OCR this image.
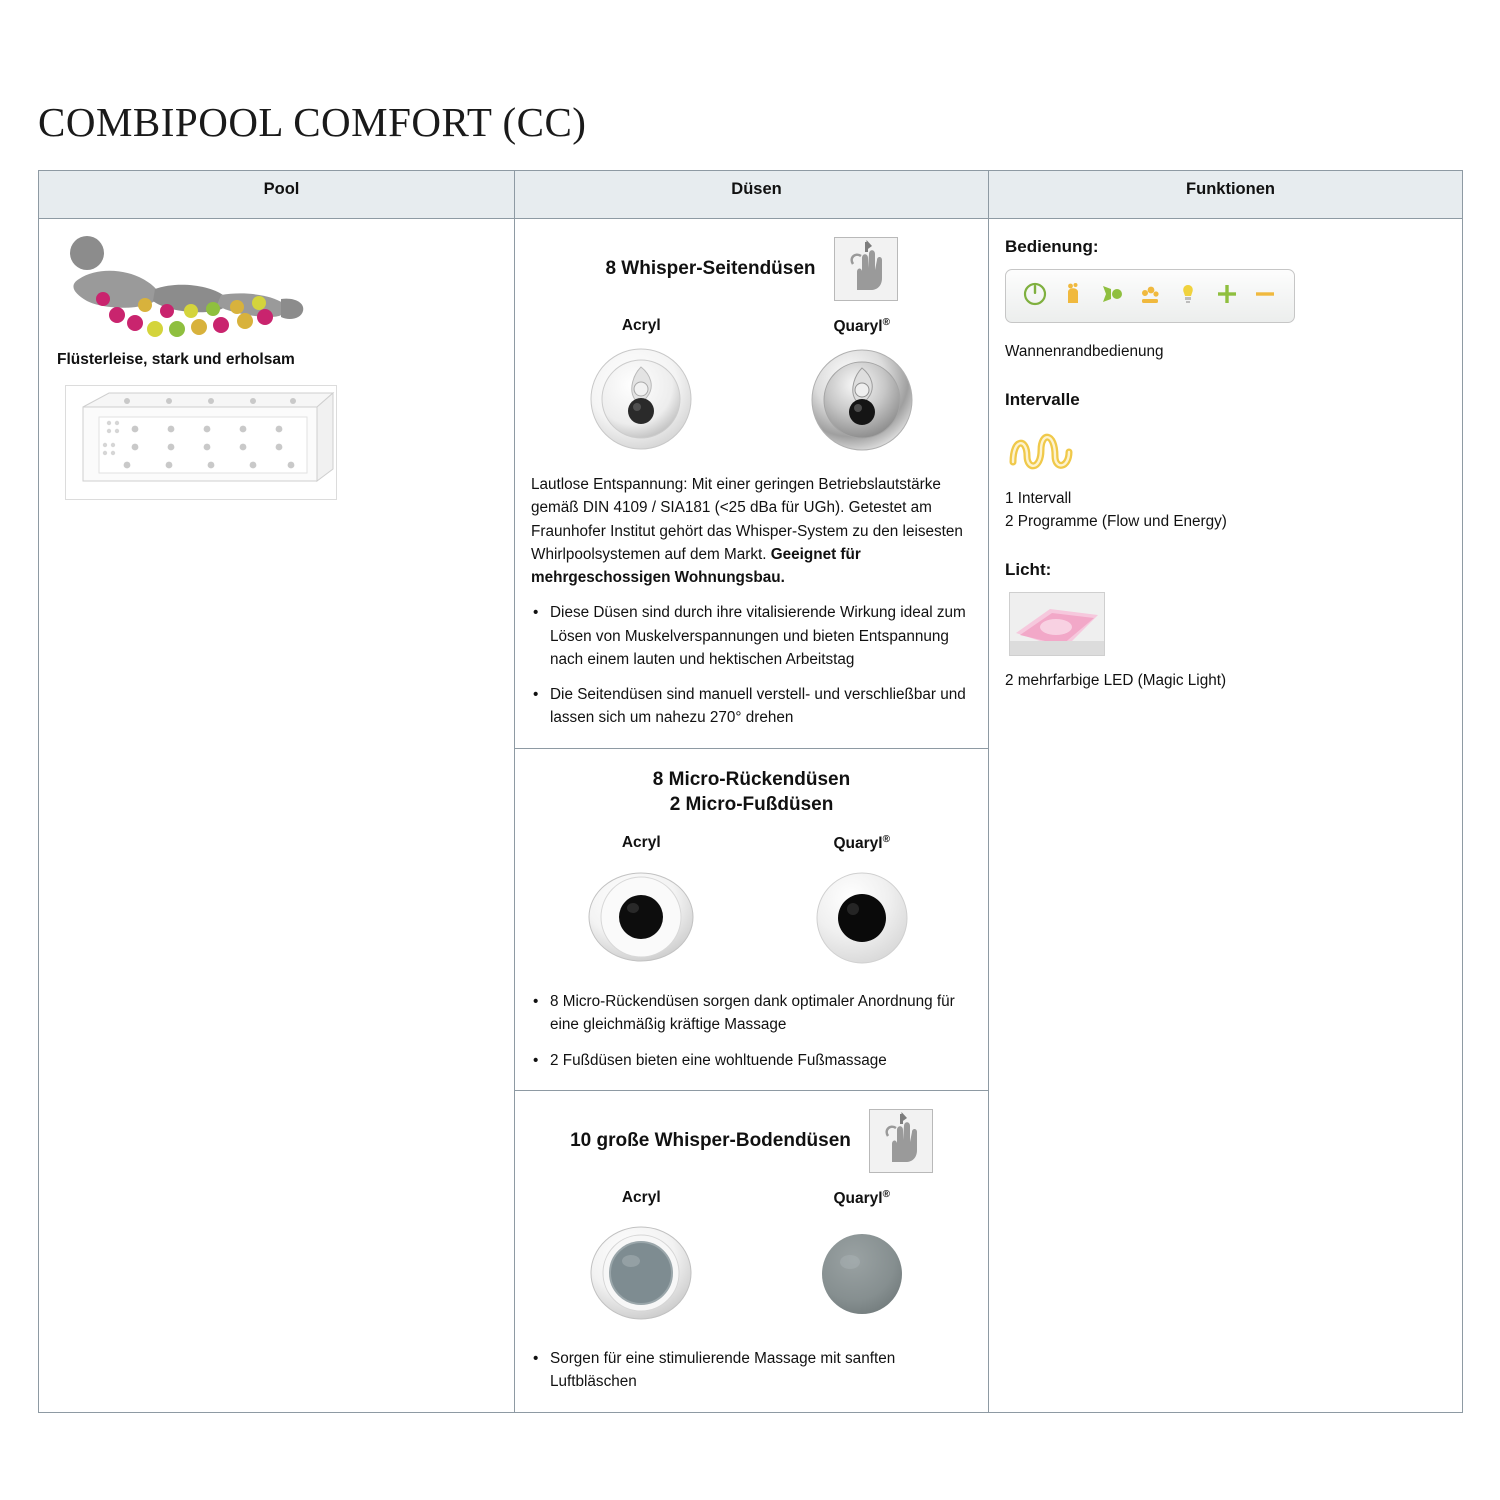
COMBIPOOL COMFORT (CC)
Pool	Düsen	Funktionen

Flüsterleise, stark und erholsam

8 Whisper-Seitendüsen
Acryl	Quaryl®
Lautlose Entspannung: Mit einer geringen Betriebslautstärke gemäß DIN 4109 / SIA181 (<25 dBa für UGh). Getestet am Fraunhofer Institut gehört das Whisper-System zu den leisesten Whirlpoolsystemen auf dem Markt. Geeignet für mehrgeschossigen Wohnungsbau.
• Diese Düsen sind durch ihre vitalisierende Wirkung ideal zum Lösen von Muskelverspannungen und bieten Entspannung nach einem lauten und hektischen Arbeitstag
• Die Seitendüsen sind manuell verstell- und verschließbar und lassen sich um nahezu 270° drehen
8 Micro-Rückendüsen
2 Micro-Fußdüsen
Acryl	Quaryl®
• 8 Micro-Rückendüsen sorgen dank optimaler Anordnung für eine gleichmäßig kräftige Massage
• 2 Fußdüsen bieten eine wohltuende Fußmassage
10 große Whisper-Bodendüsen
Acryl	Quaryl®
• Sorgen für eine stimulierende Massage mit sanften Luftbläschen

Bedienung:
Wannenrandbedienung
Intervalle
1 Intervall
2 Programme (Flow und Energy)
Licht:
2 mehrfarbige LED (Magic Light)
